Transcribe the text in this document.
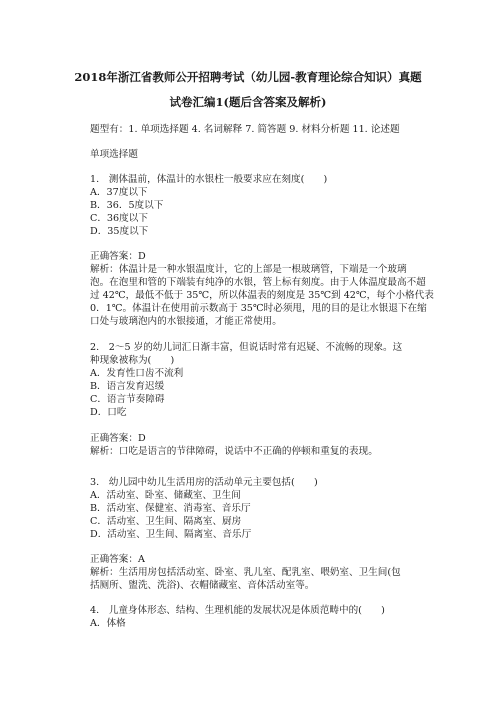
2018年浙江省教师公开招聘考试（幼儿园-教育理论综合知识）真题
试卷汇编1(题后含答案及解析)
题型有：1. 单项选择题 4. 名词解释 7. 简答题 9. 材料分析题 11. 论述题
单项选择题
1.　测体温前，体温计的水银柱一般要求应在刻度(　　)
A．37度以下
B．36．5度以下
C．36度以下
D．35度以下
正确答案：D
解析：体温计是一种水银温度计，它的上部是一根玻璃管，下端是一个玻璃
泡。在泡里和管的下端装有纯净的水银，管上标有刻度。由于人体温度最高不超
过 42℃，最低不低于 35℃，所以体温表的刻度是 35℃到 42℃，每个小格代表
0．1℃。体温计在使用前示数高于 35℃时必须甩，甩的目的是让水银退下在缩
口处与玻璃泡内的水银接通，才能正常使用。
2.　2～5 岁的幼儿词汇日渐丰富，但说话时常有迟疑、不流畅的现象。这
种现象被称为(　　)
A．发育性口齿不流利
B．语言发育迟缓
C．语言节奏障碍
D．口吃
正确答案：D
解析：口吃是语言的节律障碍，说话中不正确的停顿和重复的表现。
3.　幼儿园中幼儿生活用房的活动单元主要包括(　　)
A．活动室、卧室、储藏室、卫生间
B．活动室、保健室、消毒室、音乐厅
C．活动室、卫生间、隔离室、厨房
D．活动室、卫生间、隔离室、音乐厅
正确答案：A
解析：生活用房包括活动室、卧室、乳儿室、配乳室、喂奶室、卫生间(包
括厕所、盥洗、洗浴)、衣帽储藏室、音体活动室等。
4.　儿童身体形态、结构、生理机能的发展状况是体质范畴中的(　　)
A．体格
